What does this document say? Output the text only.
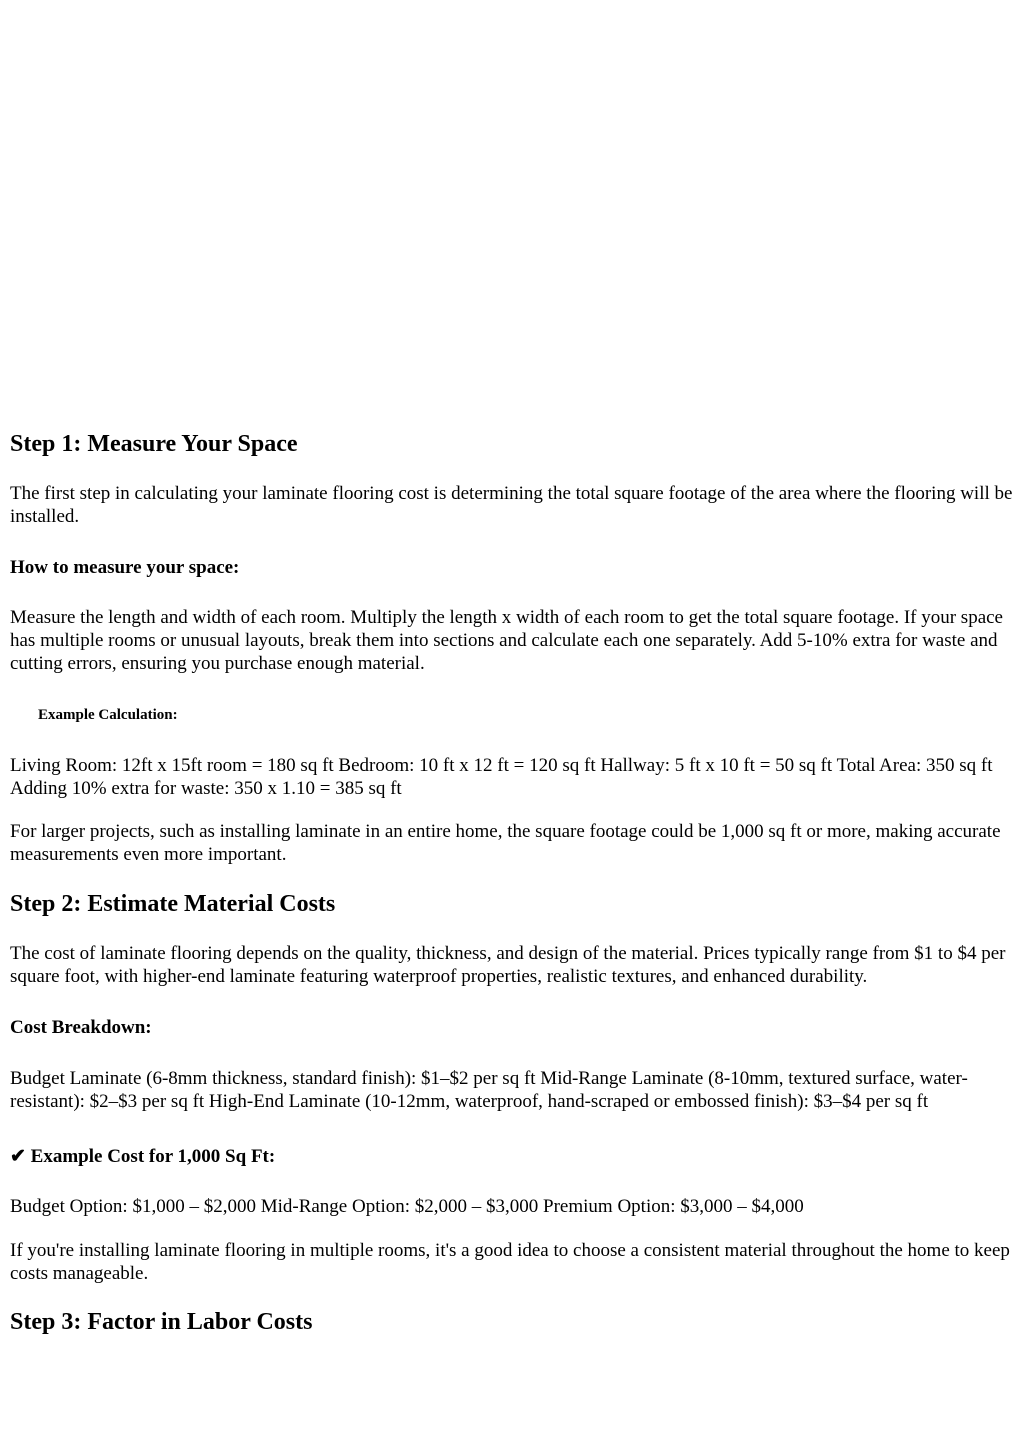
Step 1: Measure Your Space

The first step in calculating your laminate flooring cost is determining the total square footage of the area where the flooring will be installed.

How to measure your space:

Measure the length and width of each room. Multiply the length x width of each room to get the total square footage. If your space has multiple rooms or unusual layouts, break them into sections and calculate each one separately. Add 5-10% extra for waste and cutting errors, ensuring you purchase enough material.

Example Calculation:

Living Room: 12ft x 15ft room = 180 sq ft Bedroom: 10 ft x 12 ft = 120 sq ft Hallway: 5 ft x 10 ft = 50 sq ft Total Area: 350 sq ft Adding 10% extra for waste: 350 x 1.10 = 385 sq ft

For larger projects, such as installing laminate in an entire home, the square footage could be 1,000 sq ft or more, making accurate measurements even more important.

Step 2: Estimate Material Costs

The cost of laminate flooring depends on the quality, thickness, and design of the material. Prices typically range from $1 to $4 per square foot, with higher-end laminate featuring waterproof properties, realistic textures, and enhanced durability.

Cost Breakdown:

Budget Laminate (6-8mm thickness, standard finish): $1–$2 per sq ft Mid-Range Laminate (8-10mm, textured surface, water-resistant): $2–$3 per sq ft High-End Laminate (10-12mm, waterproof, hand-scraped or embossed finish): $3–$4 per sq ft

✔ Example Cost for 1,000 Sq Ft:

Budget Option: $1,000 – $2,000 Mid-Range Option: $2,000 – $3,000 Premium Option: $3,000 – $4,000

If you're installing laminate flooring in multiple rooms, it's a good idea to choose a consistent material throughout the home to keep costs manageable.

Step 3: Factor in Labor Costs
